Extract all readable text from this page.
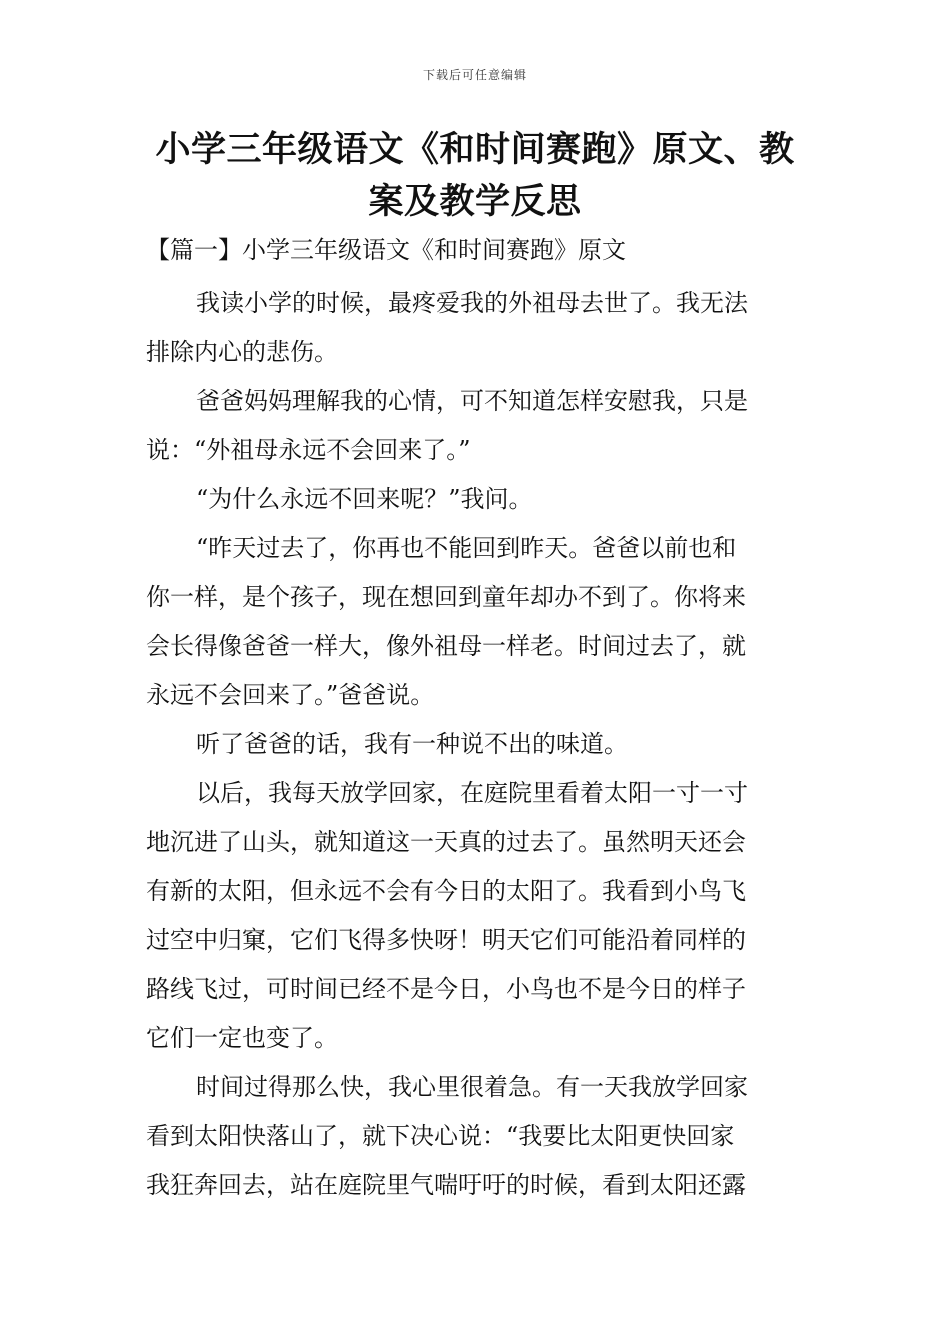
下载后可任意编辑
小学三年级语文《和时间赛跑》原文、教
案及教学反思
【篇一】小学三年级语文《和时间赛跑》原文
我读小学的时候，最疼爱我的外祖母去世了。我无法
排除内心的悲伤。
爸爸妈妈理解我的心情，可不知道怎样安慰我，只是
说：“外祖母永远不会回来了。”
“为什么永远不回来呢？”我问。
“昨天过去了，你再也不能回到昨天。爸爸以前也和
你一样，是个孩子，现在想回到童年却办不到了。你将来
会长得像爸爸一样大，像外祖母一样老。时间过去了，就
永远不会回来了。”爸爸说。
听了爸爸的话，我有一种说不出的味道。
以后，我每天放学回家，在庭院里看着太阳一寸一寸
地沉进了山头，就知道这一天真的过去了。虽然明天还会
有新的太阳，但永远不会有今日的太阳了。我看到小鸟飞
过空中归窠，它们飞得多快呀！明天它们可能沿着同样的
路线飞过，可时间已经不是今日，小鸟也不是今日的样子
它们一定也变了。
时间过得那么快，我心里很着急。有一天我放学回家
看到太阳快落山了，就下决心说：“我要比太阳更快回家
我狂奔回去，站在庭院里气喘吁吁的时候，看到太阳还露
